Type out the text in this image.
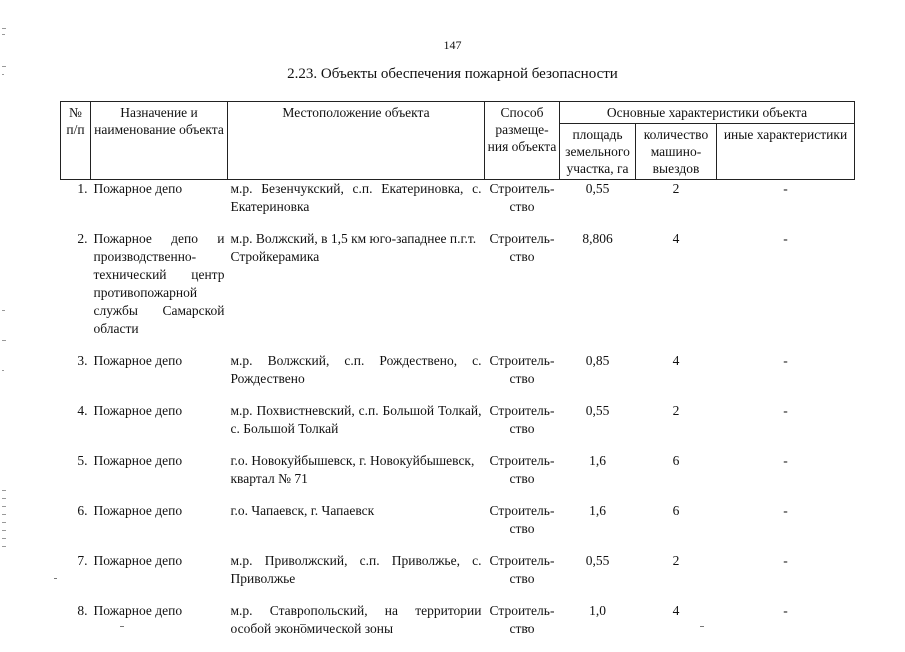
147
2.23. Объекты обеспечения пожарной безопасности
№ п/п	Назначение и наименование объекта	Местоположение объекта	Способ размеще-ния объекта	Основные характеристики объекта		
				площадь земельного участка, га	количество машино-выездов	иные характеристики
1.	Пожарное депо	м.р. Безенчукский, с.п. Екатериновка, с. Екатериновка	Строитель-ство	0,55	2	-
2.	Пожарное депо и производственно-технический центр противопожарной службы Самарской области	м.р. Волжский, в 1,5 км юго-западнее п.г.т. Стройкерамика	Строитель-ство	8,806	4	-
3.	Пожарное депо	м.р. Волжский, с.п. Рождествено, с. Рождествено	Строитель-ство	0,85	4	-
4.	Пожарное депо	м.р. Похвистневский, с.п. Большой Толкай, с. Большой Толкай	Строитель-ство	0,55	2	-
5.	Пожарное депо	г.о. Новокуйбышевск, г. Новокуйбышевск, квартал № 71	Строитель-ство	1,6	6	-
6.	Пожарное депо	г.о. Чапаевск, г. Чапаевск	Строитель-ство	1,6	6	-
7.	Пожарное депо	м.р. Приволжский, с.п. Приволжье, с. Приволжье	Строитель-ство	0,55	2	-
8.	Пожарное депо	м.р. Ставропольский, на территории особой экономической зоны	Строитель-ство	1,0	4	-
